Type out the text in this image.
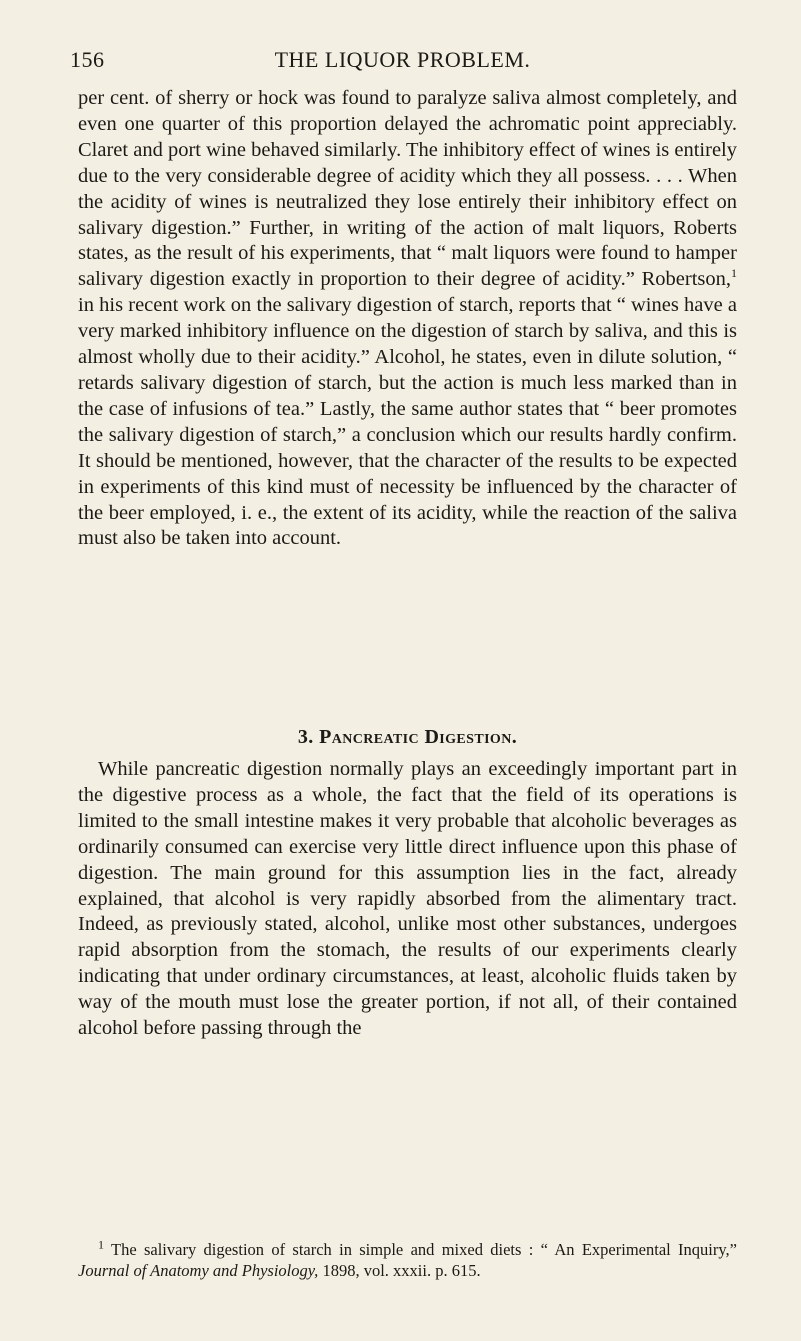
156	THE LIQUOR PROBLEM.

per cent. of sherry or hock was found to paralyze saliva almost completely, and even one quarter of this proportion delayed the achromatic point appreciably. Claret and port wine behaved similarly. The inhibitory effect of wines is entirely due to the very considerable degree of acidity which they all possess. . . . When the acidity of wines is neutralized they lose entirely their inhibitory effect on salivary digestion.” Further, in writing of the action of malt liquors, Roberts states, as the result of his experiments, that “ malt liquors were found to hamper salivary digestion exactly in proportion to their degree of acidity.” Robertson,$^1$ in his recent work on the salivary digestion of starch, reports that “ wines have a very marked inhibitory influence on the digestion of starch by saliva, and this is almost wholly due to their acidity.” Alcohol, he states, even in dilute solution, “ retards salivary digestion of starch, but the action is much less marked than in the case of infusions of tea.” Lastly, the same author states that “ beer promotes the salivary digestion of starch,” a conclusion which our results hardly confirm. It should be mentioned, however, that the character of the results to be expected in experiments of this kind must of necessity be influenced by the character of the beer employed, i. e., the extent of its acidity, while the reaction of the saliva must also be taken into account.

3. Pancreatic Digestion.

While pancreatic digestion normally plays an exceedingly important part in the digestive process as a whole, the fact that the field of its operations is limited to the small intestine makes it very probable that alcoholic beverages as ordinarily consumed can exercise very little direct influence upon this phase of digestion. The main ground for this assumption lies in the fact, already explained, that alcohol is very rapidly absorbed from the alimentary tract. Indeed, as previously stated, alcohol, unlike most other substances, undergoes rapid absorption from the stomach, the results of our experiments clearly indicating that under ordinary circumstances, at least, alcoholic fluids taken by way of the mouth must lose the greater portion, if not all, of their contained alcohol before passing through the

$^1$ The salivary digestion of starch in simple and mixed diets : “ An Experimental Inquiry,” Journal of Anatomy and Physiology, 1898, vol. xxxii. p. 615.
